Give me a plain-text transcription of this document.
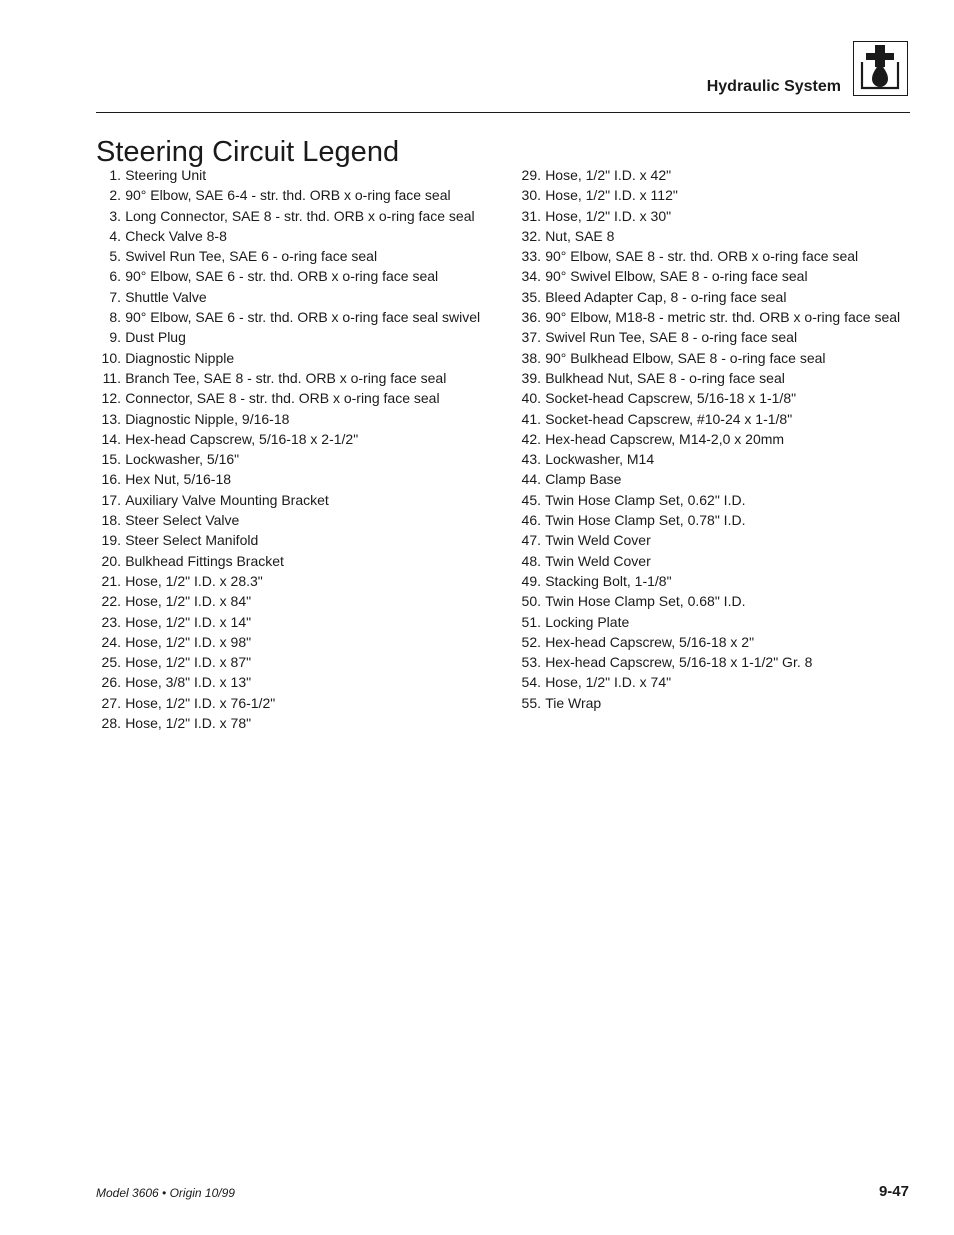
Hydraulic System
Steering Circuit Legend
1. Steering Unit
2. 90° Elbow, SAE 6-4 - str. thd. ORB x o-ring face seal
3. Long Connector, SAE 8 - str. thd. ORB x o-ring face seal
4. Check Valve 8-8
5. Swivel Run Tee, SAE 6 - o-ring face seal
6. 90° Elbow, SAE 6 - str. thd. ORB x o-ring face seal
7. Shuttle Valve
8. 90° Elbow, SAE 6 - str. thd. ORB x o-ring face seal swivel
9. Dust Plug
10. Diagnostic Nipple
11. Branch Tee, SAE 8 - str. thd. ORB x o-ring face seal
12. Connector, SAE 8 - str. thd. ORB x o-ring face seal
13. Diagnostic Nipple, 9/16-18
14. Hex-head Capscrew, 5/16-18 x 2-1/2"
15. Lockwasher, 5/16"
16. Hex Nut, 5/16-18
17. Auxiliary Valve Mounting Bracket
18. Steer Select Valve
19. Steer Select Manifold
20. Bulkhead Fittings Bracket
21. Hose, 1/2" I.D. x 28.3"
22. Hose, 1/2" I.D. x 84"
23. Hose, 1/2" I.D. x 14"
24. Hose, 1/2" I.D. x 98"
25. Hose, 1/2" I.D. x 87"
26. Hose, 3/8" I.D. x 13"
27. Hose, 1/2" I.D. x 76-1/2"
28. Hose, 1/2" I.D. x 78"
29. Hose, 1/2" I.D. x 42"
30. Hose, 1/2" I.D. x 112"
31. Hose, 1/2" I.D. x 30"
32. Nut, SAE 8
33. 90° Elbow, SAE 8 - str. thd. ORB x o-ring face seal
34. 90° Swivel Elbow, SAE 8 - o-ring face seal
35. Bleed Adapter Cap, 8 - o-ring face seal
36. 90° Elbow, M18-8 - metric str. thd. ORB x o-ring face seal
37. Swivel Run Tee, SAE 8 - o-ring face seal
38. 90° Bulkhead Elbow, SAE 8 - o-ring face seal
39. Bulkhead Nut, SAE 8 - o-ring face seal
40. Socket-head Capscrew, 5/16-18 x 1-1/8"
41. Socket-head Capscrew, #10-24 x 1-1/8"
42. Hex-head Capscrew, M14-2,0 x 20mm
43. Lockwasher, M14
44. Clamp Base
45. Twin Hose Clamp Set, 0.62" I.D.
46. Twin Hose Clamp Set, 0.78" I.D.
47. Twin Weld Cover
48. Twin Weld Cover
49. Stacking Bolt, 1-1/8"
50. Twin Hose Clamp Set, 0.68" I.D.
51. Locking Plate
52. Hex-head Capscrew, 5/16-18 x 2"
53. Hex-head Capscrew, 5/16-18 x 1-1/2" Gr. 8
54. Hose, 1/2" I.D. x 74"
55. Tie Wrap
Model 3606 • Origin 10/99	9-47
